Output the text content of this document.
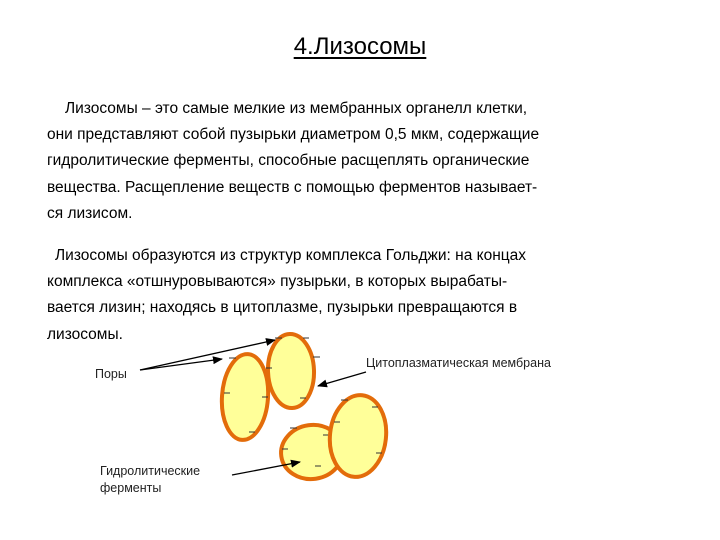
4.Лизосомы
Лизосомы – это самые мелкие из мембранных органелл клетки,
они представляют собой пузырьки диаметром 0,5 мкм, содержащие
гидролитические ферменты, способные расщеплять органические
вещества. Расщепление веществ с помощью ферментов называет-
ся лизисом.
Лизосомы образуются из структур комплекса Гольджи: на концах
комплекса «отшнуровываются» пузырьки, в которых вырабаты-
вается лизин; находясь в цитоплазме, пузырьки превращаются в
лизосомы.
Поры
Цитоплазматическая мембрана
Гидролитические
ферменты
